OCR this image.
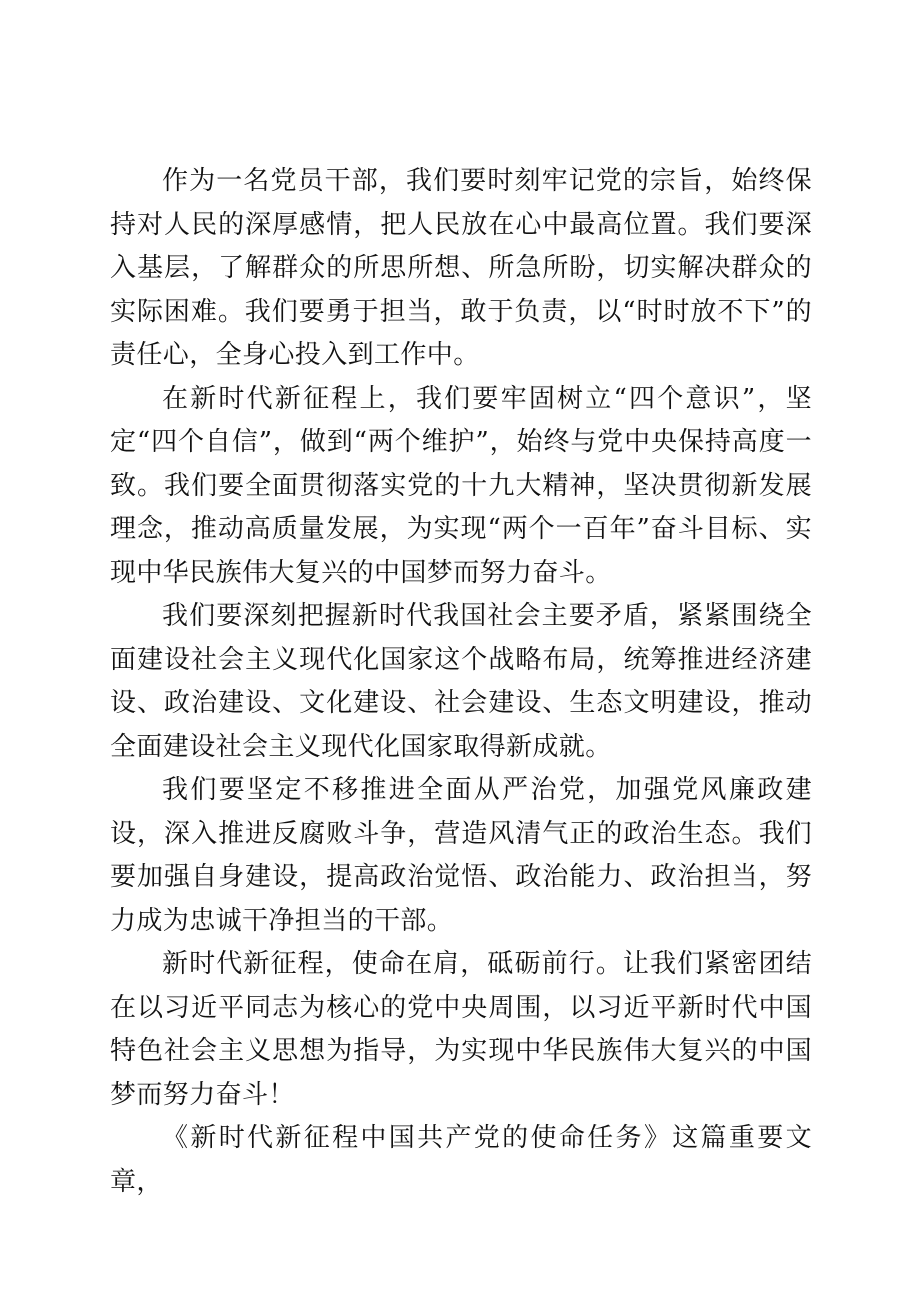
作为一名党员干部，我们要时刻牢记党的宗旨，始终保持对人民的深厚感情，把人民放在心中最高位置。我们要深入基层，了解群众的所思所想、所急所盼，切实解决群众的实际困难。我们要勇于担当，敢于负责，以“时时放不下”的责任心，全身心投入到工作中。

在新时代新征程上，我们要牢固树立“四个意识”，坚定“四个自信”，做到“两个维护”，始终与党中央保持高度一致。我们要全面贯彻落实党的十九大精神，坚决贯彻新发展理念，推动高质量发展，为实现“两个一百年”奋斗目标、实现中华民族伟大复兴的中国梦而努力奋斗。

我们要深刻把握新时代我国社会主要矛盾，紧紧围绕全面建设社会主义现代化国家这个战略布局，统筹推进经济建设、政治建设、文化建设、社会建设、生态文明建设，推动全面建设社会主义现代化国家取得新成就。

我们要坚定不移推进全面从严治党，加强党风廉政建设，深入推进反腐败斗争，营造风清气正的政治生态。我们要加强自身建设，提高政治觉悟、政治能力、政治担当，努力成为忠诚干净担当的干部。

新时代新征程，使命在肩，砥砺前行。让我们紧密团结在以习近平同志为核心的党中央周围，以习近平新时代中国特色社会主义思想为指导，为实现中华民族伟大复兴的中国梦而努力奋斗！

《新时代新征程中国共产党的使命任务》这篇重要文章，
